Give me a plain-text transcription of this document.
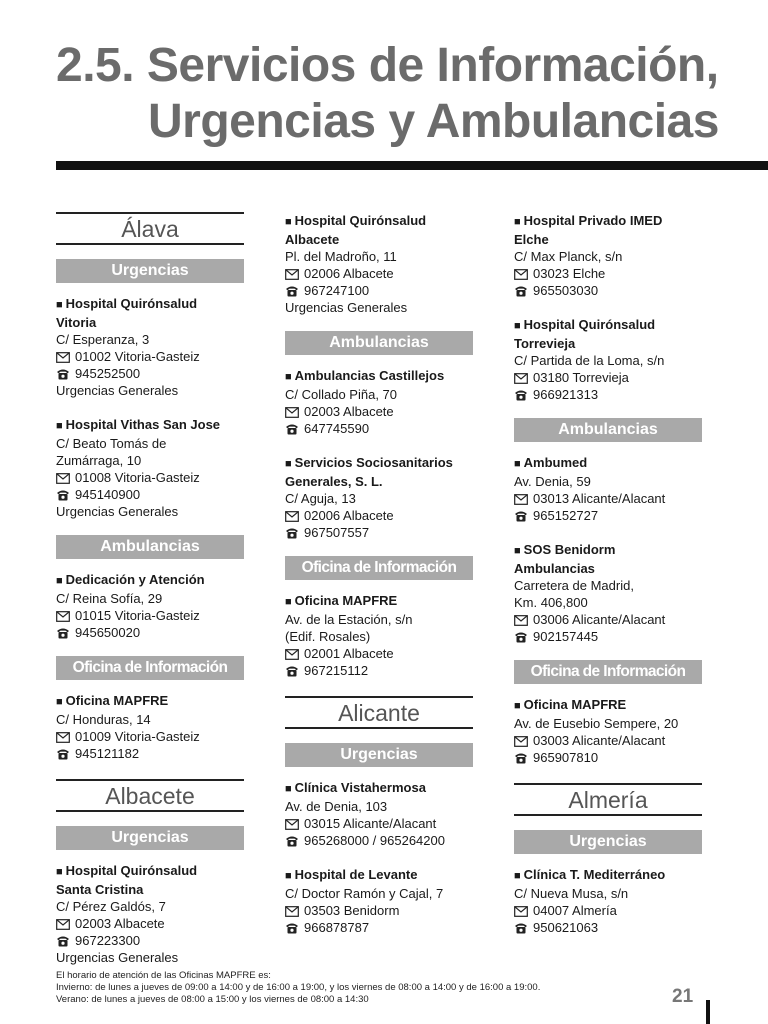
2.5. Servicios de Información,
Urgencias y Ambulancias
Álava
Urgencias
■ Hospital Quirónsalud
Vitoria
C/ Esperanza, 3
01002 Vitoria-Gasteiz
945252500
Urgencias Generales
■ Hospital Vithas San Jose
C/ Beato Tomás de
Zumárraga, 10
01008 Vitoria-Gasteiz
945140900
Urgencias Generales
Ambulancias
■ Dedicación y Atención
C/ Reina Sofía, 29
01015 Vitoria-Gasteiz
945650020
Oficina de Información
■ Oficina MAPFRE
C/ Honduras, 14
01009 Vitoria-Gasteiz
945121182
Albacete
Urgencias
■ Hospital Quirónsalud
Santa Cristina
C/ Pérez Galdós, 7
02003 Albacete
967223300
Urgencias Generales
■ Hospital Quirónsalud
Albacete
Pl. del Madroño, 11
02006 Albacete
967247100
Urgencias Generales
Ambulancias
■ Ambulancias Castillejos
C/ Collado Piña, 70
02003 Albacete
647745590
■ Servicios Sociosanitarios
Generales, S. L.
C/ Aguja, 13
02006 Albacete
967507557
Oficina de Información
■ Oficina MAPFRE
Av. de la Estación, s/n
(Edif. Rosales)
02001 Albacete
967215112
Alicante
Urgencias
■ Clínica Vistahermosa
Av. de Denia, 103
03015 Alicante/Alacant
965268000 / 965264200
■ Hospital de Levante
C/ Doctor Ramón y Cajal, 7
03503 Benidorm
966878787
■ Hospital Privado IMED
Elche
C/ Max Planck, s/n
03023 Elche
965503030
■ Hospital Quirónsalud
Torrevieja
C/ Partida de la Loma, s/n
03180 Torrevieja
966921313
Ambulancias
■ Ambumed
Av. Denia, 59
03013 Alicante/Alacant
965152727
■ SOS Benidorm
Ambulancias
Carretera de Madrid,
Km. 406,800
03006 Alicante/Alacant
902157445
Oficina de Información
■ Oficina MAPFRE
Av. de Eusebio Sempere, 20
03003 Alicante/Alacant
965907810
Almería
Urgencias
■ Clínica T. Mediterráneo
C/ Nueva Musa, s/n
04007 Almería
950621063
El horario de atención de las Oficinas MAPFRE es:
Invierno: de lunes a jueves de 09:00 a 14:00 y de 16:00 a 19:00, y los viernes de 08:00 a 14:00 y de 16:00 a 19:00.
Verano: de lunes a jueves de 08:00 a 15:00 y los viernes de 08:00 a 14:30	21
